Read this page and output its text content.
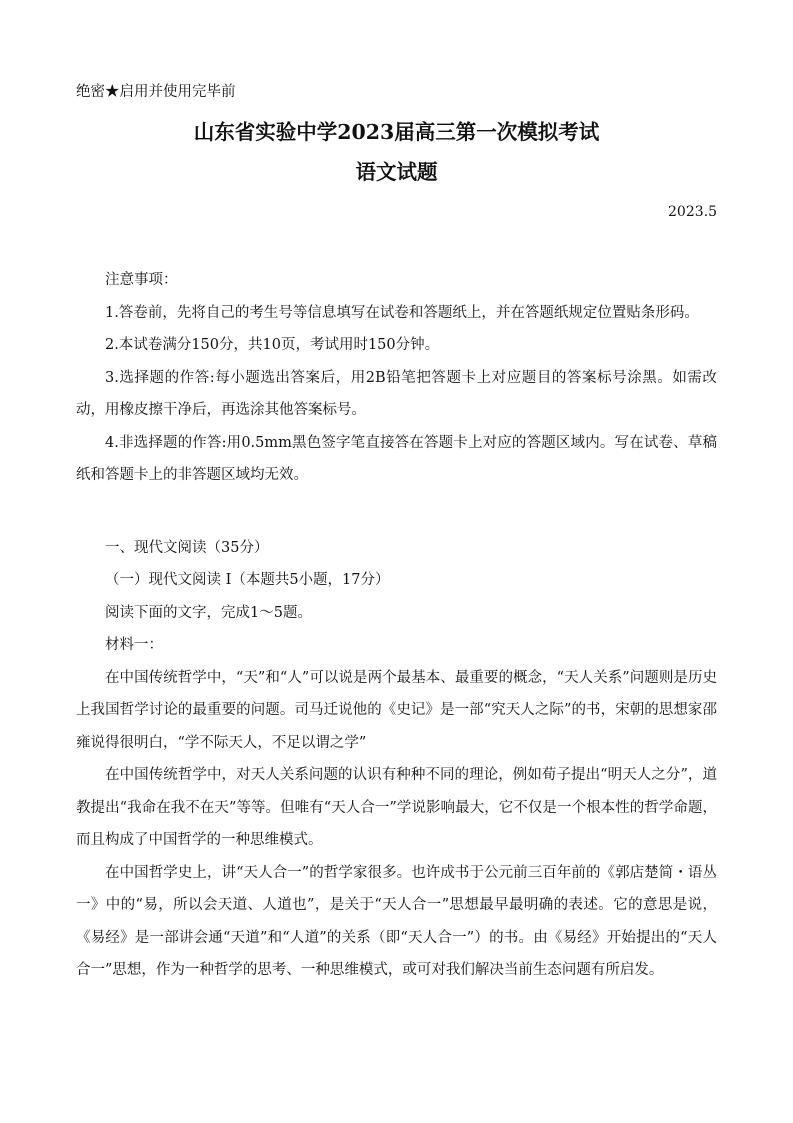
绝密★启用并使用完毕前
山东省实验中学2023届高三第一次模拟考试
语文试题
2023.5

注意事项：

1.答卷前，先将自己的考生号等信息填写在试卷和答题纸上，并在答题纸规定位置贴条形码。

2.本试卷满分150分，共10页，考试用时150分钟。

3.选择题的作答:每小题选出答案后，用2B铅笔把答题卡上对应题目的答案标号涂黑。如需改动，用橡皮擦干净后，再选涂其他答案标号。

4.非选择题的作答:用0.5mm黑色签字笔直接答在答题卡上对应的答题区域内。写在试卷、草稿纸和答题卡上的非答题区域均无效。

一、现代文阅读（35分）

（一）现代文阅读 I（本题共5小题，17分）

阅读下面的文字，完成1～5题。

材料一：

在中国传统哲学中，“天”和“人”可以说是两个最基本、最重要的概念，“天人关系”问题则是历史上我国哲学讨论的最重要的问题。司马迁说他的《史记》是一部“究天人之际”的书，宋朝的思想家邵雍说得很明白，“学不际天人，不足以谓之学”

在中国传统哲学中，对天人关系问题的认识有种种不同的理论，例如荀子提出“明天人之分”，道教提出“我命在我不在天”等等。但唯有“天人合一”学说影响最大，它不仅是一个根本性的哲学命题，而且构成了中国哲学的一种思维模式。

在中国哲学史上，讲“天人合一”的哲学家很多。也许成书于公元前三百年前的《郭店楚简・语丛一》中的“易，所以会天道、人道也”，是关于“天人合一”思想最早最明确的表述。它的意思是说，《易经》是一部讲会通“天道”和“人道”的关系（即“天人合一”）的书。由《易经》开始提出的“天人合一”思想，作为一种哲学的思考、一种思维模式，或可对我们解决当前生态问题有所启发。
